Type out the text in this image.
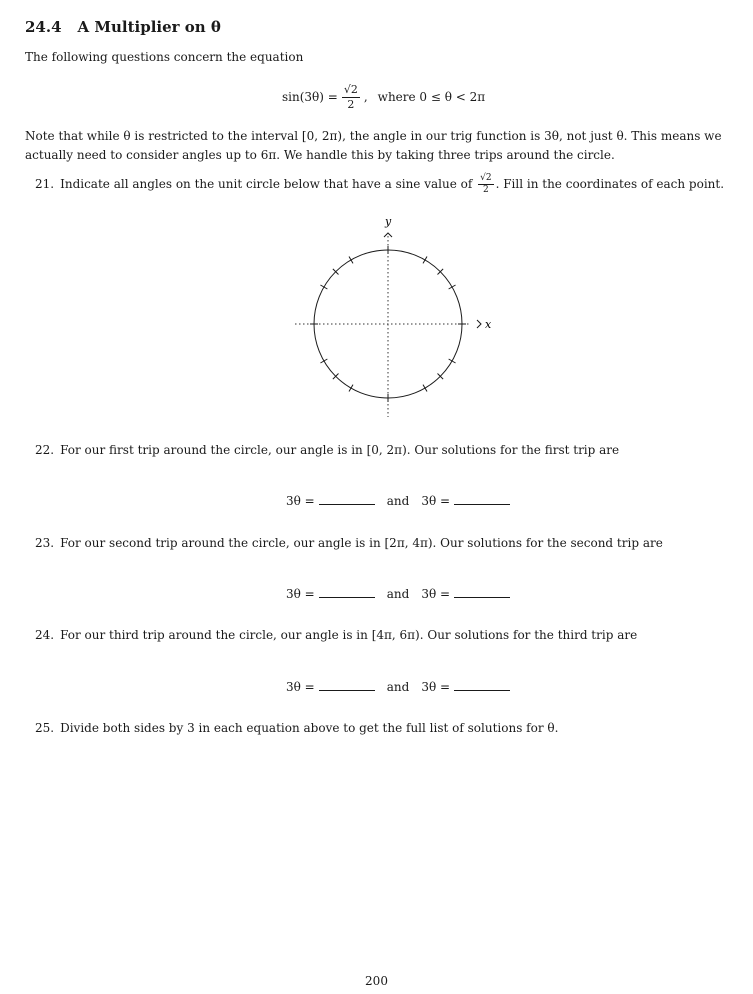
24.4 A Multiplier on θ
The following questions concern the equation
$\sin(3\theta) = \frac{√2}{2}$ , where 0 ≤ θ < 2π
Note that while θ is restricted to the interval [0, 2π), the angle in our trig function is 3θ, not just θ. This means we actually need to consider angles up to 6π. We handle this by taking three trips around the circle.
21. Indicate all angles on the unit circle below that have a sine value of $\frac{√2}{2}$ . Fill in the coordinates of each point.
x
y
22. For our first trip around the circle, our angle is in [0, 2π). Our solutions for the first trip are
3θ =	and 3θ =
23. For our second trip around the circle, our angle is in [2π, 4π). Our solutions for the second trip are
3θ =	and 3θ =
24. For our third trip around the circle, our angle is in [4π, 6π). Our solutions for the third trip are
3θ =	and 3θ =
25. Divide both sides by 3 in each equation above to get the full list of solutions for θ.
200
